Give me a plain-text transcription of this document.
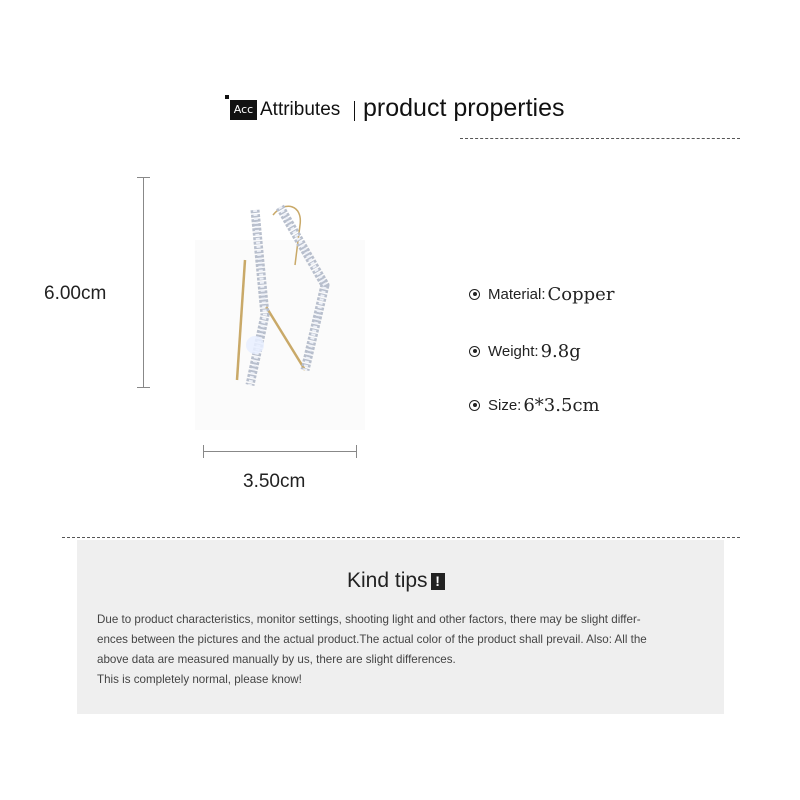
Acc Attributes product properties
6.00cm
3.50cm
Material: Copper
Weight: 9.8g
Size: 6*3.5cm
Kind tips !
Due to product characteristics, monitor settings, shooting light and other factors, there may be slight differ-
ences between the pictures and the actual product.The actual color of the product shall prevail. Also: All the
above data are measured manually by us, there are slight differences.
This is completely normal, please know!
